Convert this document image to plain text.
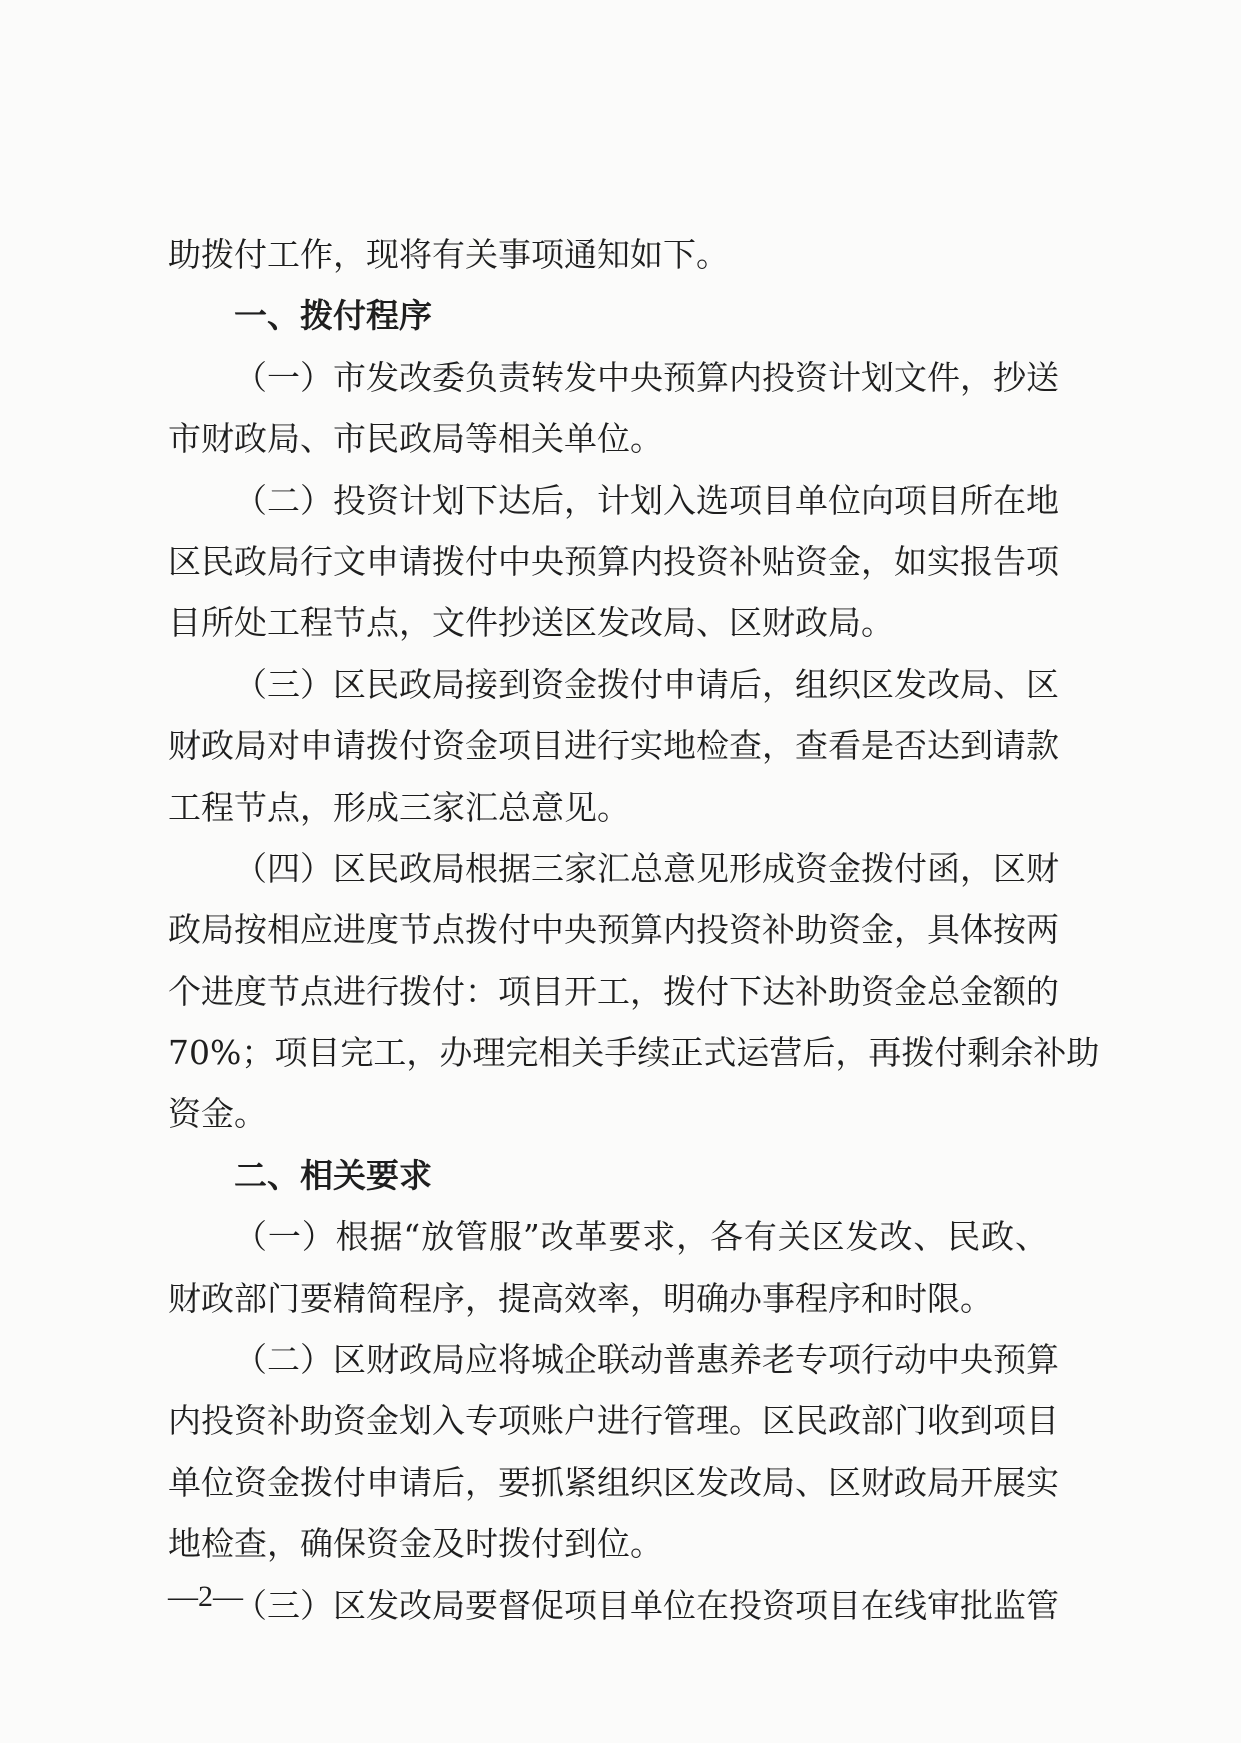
助拨付工作，现将有关事项通知如下。
一、拨付程序
（一）市发改委负责转发中央预算内投资计划文件，抄送
市财政局、市民政局等相关单位。
（二）投资计划下达后，计划入选项目单位向项目所在地
区民政局行文申请拨付中央预算内投资补贴资金，如实报告项
目所处工程节点，文件抄送区发改局、区财政局。
（三）区民政局接到资金拨付申请后，组织区发改局、区
财政局对申请拨付资金项目进行实地检查，查看是否达到请款
工程节点，形成三家汇总意见。
（四）区民政局根据三家汇总意见形成资金拨付函，区财
政局按相应进度节点拨付中央预算内投资补助资金，具体按两
个进度节点进行拨付：项目开工，拨付下达补助资金总金额的
70%；项目完工，办理完相关手续正式运营后，再拨付剩余补助
资金。
二、相关要求
（一）根据“放管服”改革要求，各有关区发改、民政、
财政部门要精简程序，提高效率，明确办事程序和时限。
（二）区财政局应将城企联动普惠养老专项行动中央预算
内投资补助资金划入专项账户进行管理。区民政部门收到项目
单位资金拨付申请后，要抓紧组织区发改局、区财政局开展实
地检查，确保资金及时拨付到位。
（三）区发改局要督促项目单位在投资项目在线审批监管
—2—
